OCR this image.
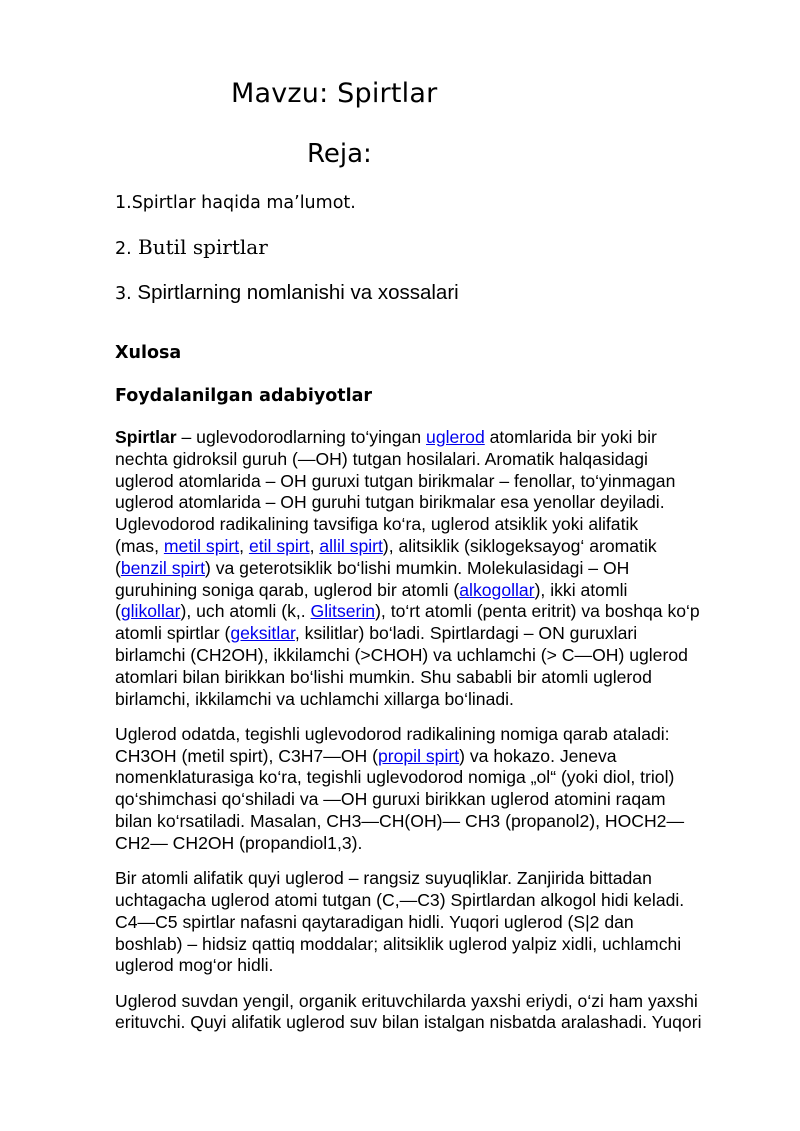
Mavzu: Spirtlar
Reja:
1.Spirtlar haqida ma’lumot.
2. Butil spirtlar
3. Spirtlarning nomlanishi va xossalari
Xulosa
Foydalanilgan adabiyotlar

Spirtlar – uglevodorodlarning to‘yingan uglerod atomlarida bir yoki bir
nechta gidroksil guruh (—OH) tutgan hosilalari. Aromatik halqasidagi
uglerod atomlarida – OH guruxi tutgan birikmalar – fenollar, to‘yinmagan
uglerod atomlarida – OH guruhi tutgan birikmalar esa yenollar deyiladi.
Uglevodorod radikalining tavsifiga ko‘ra, uglerod atsiklik yoki alifatik
(mas, metil spirt, etil spirt, allil spirt), alitsiklik (siklogeksayog‘ aromatik
(benzil spirt) va geterotsiklik bo‘lishi mumkin. Molekulasidagi – OH
guruhining soniga qarab, uglerod bir atomli (alkogollar), ikki atomli
(glikollar), uch atomli (k,. Glitserin), to‘rt atomli (penta eritrit) va boshqa ko‘p
atomli spirtlar (geksitlar, ksilitlar) bo‘ladi. Spirtlardagi – ON guruxlari
birlamchi (CH2OH), ikkilamchi (>CHOH) va uchlamchi (> C—OH) uglerod
atomlari bilan birikkan bo‘lishi mumkin. Shu sababli bir atomli uglerod
birlamchi, ikkilamchi va uchlamchi xillarga bo‘linadi.

Uglerod odatda, tegishli uglevodorod radikalining nomiga qarab ataladi:
CH3OH (metil spirt), C3H7—OH (propil spirt) va hokazo. Jeneva
nomenklaturasiga ko‘ra, tegishli uglevodorod nomiga „ol“ (yoki diol, triol)
qo‘shimchasi qo‘shiladi va —OH guruxi birikkan uglerod atomini raqam
bilan ko‘rsatiladi. Masalan, CH3—CH(OH)— CH3 (propanol2), HOCH2—
CH2— CH2OH (propandiol1,3).

Bir atomli alifatik quyi uglerod – rangsiz suyuqliklar. Zanjirida bittadan
uchtagacha uglerod atomi tutgan (C,—C3) Spirtlardan alkogol hidi keladi.
C4—C5 spirtlar nafasni qaytaradigan hidli. Yuqori uglerod (S|2 dan
boshlab) – hidsiz qattiq moddalar; alitsiklik uglerod yalpiz xidli, uchlamchi
uglerod mog‘or hidli.

Uglerod suvdan yengil, organik erituvchilarda yaxshi eriydi, o‘zi ham yaxshi
erituvchi. Quyi alifatik uglerod suv bilan istalgan nisbatda aralashadi. Yuqori
